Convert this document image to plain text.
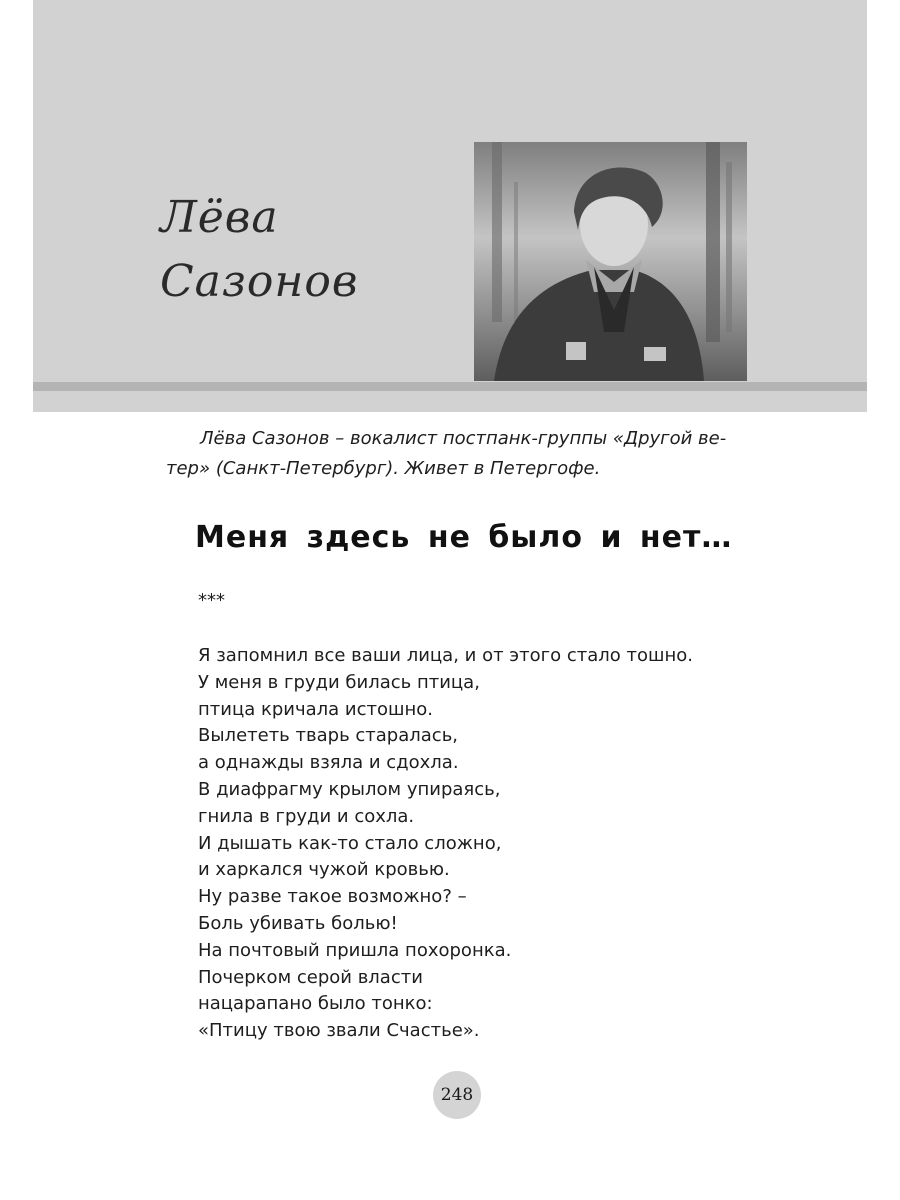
Лёва
Сазонов
Лёва Сазонов – вокалист постпанк-группы «Другой ве-
тер» (Санкт-Петербург). Живет в Петергофе.
Меня здесь не было и нет…
***
Я запомнил все ваши лица, и от этого стало тошно.
У меня в груди билась птица,
птица кричала истошно.
Вылететь тварь старалась,
а однажды взяла и сдохла.
В диафрагму крылом упираясь,
гнила в груди и сохла.
И дышать как-то стало сложно,
и харкался чужой кровью.
Ну разве такое возможно? –
Боль убивать болью!
На почтовый пришла похоронка.
Почерком серой власти
нацарапано было тонко:
«Птицу твою звали Счастье».
248
